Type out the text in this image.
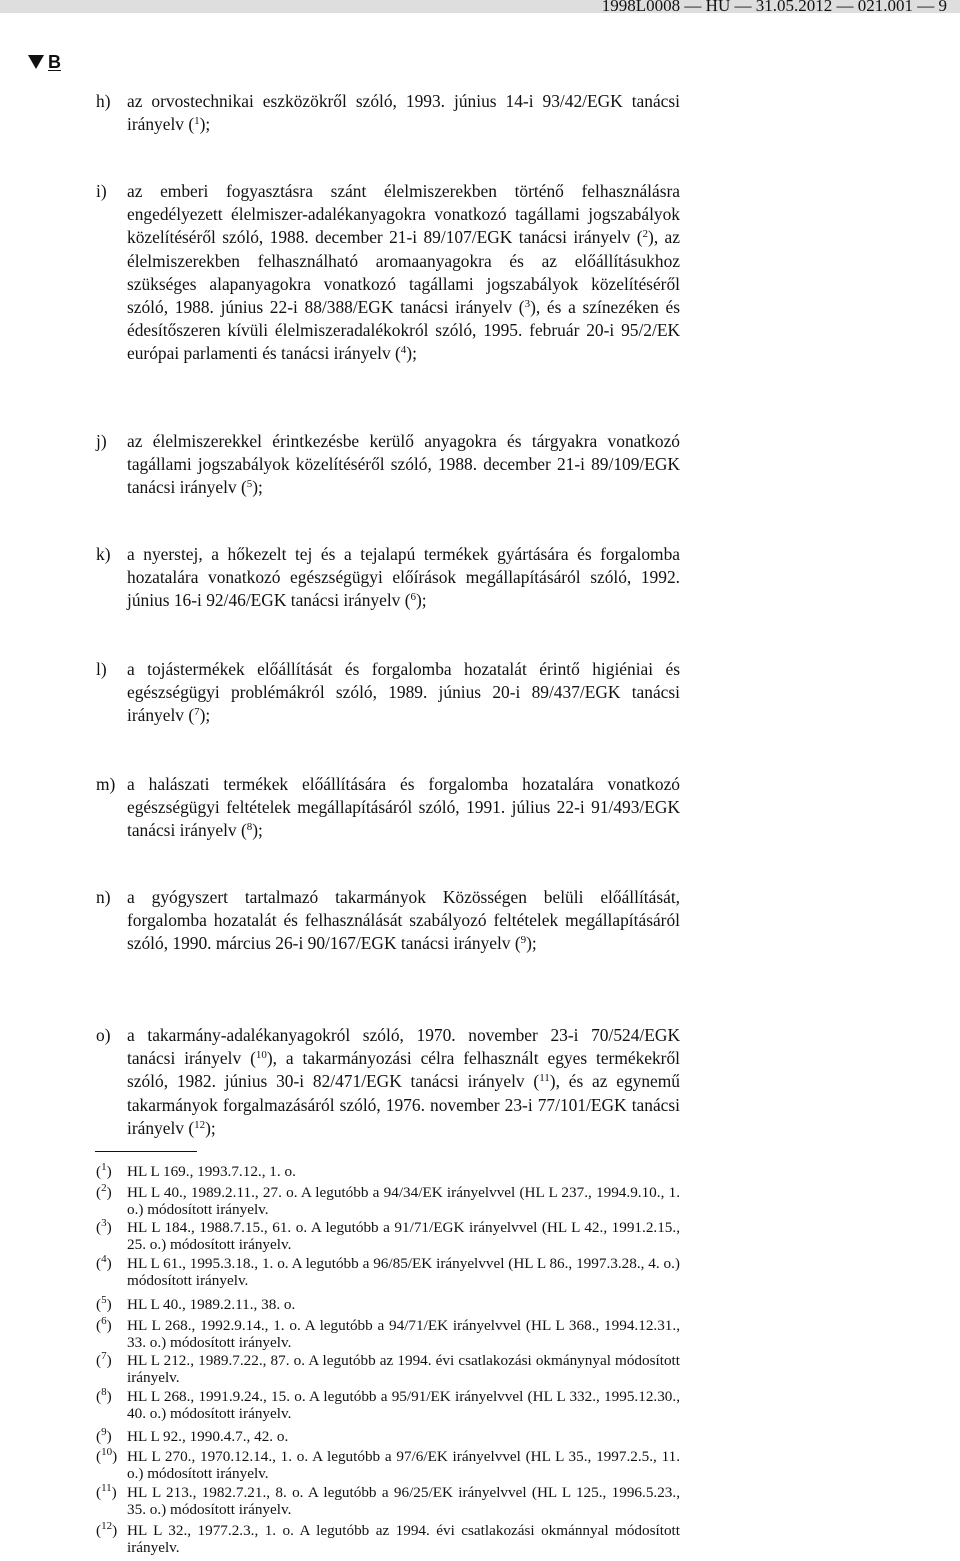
1998L0008 — HU — 31.05.2012 — 021.001 — 9
B
h) az orvostechnikai eszközökről szóló, 1993. június 14-i 93/42/EGK tanácsi irányelv ($^1$);
i) az emberi fogyasztásra szánt élelmiszerekben történő felhasználásra engedélyezett élelmiszer-adalékanyagokra vonatkozó tagállami jogszabályok közelítéséről szóló, 1988. december 21-i 89/107/EGK tanácsi irányelv ($^2$), az élelmiszerekben felhasználható aromaanyagokra és az előállításukhoz szükséges alapanyagokra vonatkozó tagállami jogszabályok közelítéséről szóló, 1988. június 22-i 88/388/EGK tanácsi irányelv ($^3$), és a színezéken és édesítőszeren kívüli élelmiszeradalékokról szóló, 1995. február 20-i 95/2/EK európai parlamenti és tanácsi irányelv ($^4$);
j) az élelmiszerekkel érintkezésbe kerülő anyagokra és tárgyakra vonatkozó tagállami jogszabályok közelítéséről szóló, 1988. december 21-i 89/109/EGK tanácsi irányelv ($^5$);
k) a nyerstej, a hőkezelt tej és a tejalapú termékek gyártására és forgalomba hozatalára vonatkozó egészségügyi előírások megállapításáról szóló, 1992. június 16-i 92/46/EGK tanácsi irányelv ($^6$);
l) a tojástermékek előállítását és forgalomba hozatalát érintő higiéniai és egészségügyi problémákról szóló, 1989. június 20-i 89/437/EGK tanácsi irányelv ($^7$);
m) a halászati termékek előállítására és forgalomba hozatalára vonatkozó egészségügyi feltételek megállapításáról szóló, 1991. július 22-i 91/493/EGK tanácsi irányelv ($^8$);
n) a gyógyszert tartalmazó takarmányok Közösségen belüli előállítását, forgalomba hozatalát és felhasználását szabályozó feltételek megállapításáról szóló, 1990. március 26-i 90/167/EGK tanácsi irányelv ($^9$);
o) a takarmány-adalékanyagokról szóló, 1970. november 23-i 70/524/EGK tanácsi irányelv ($^{10}$), a takarmányozási célra felhasznált egyes termékekről szóló, 1982. június 30-i 82/471/EGK tanácsi irányelv ($^{11}$), és az egynemű takarmányok forgalmazásáról szóló, 1976. november 23-i 77/101/EGK tanácsi irányelv ($^{12}$);
($^1$) HL L 169., 1993.7.12., 1. o.
($^2$) HL L 40., 1989.2.11., 27. o. A legutóbb a 94/34/EK irányelvvel (HL L 237., 1994.9.10., 1. o.) módosított irányelv.
($^3$) HL L 184., 1988.7.15., 61. o. A legutóbb a 91/71/EGK irányelvvel (HL L 42., 1991.2.15., 25. o.) módosított irányelv.
($^4$) HL L 61., 1995.3.18., 1. o. A legutóbb a 96/85/EK irányelvvel (HL L 86., 1997.3.28., 4. o.) módosított irányelv.
($^5$) HL L 40., 1989.2.11., 38. o.
($^6$) HL L 268., 1992.9.14., 1. o. A legutóbb a 94/71/EK irányelvvel (HL L 368., 1994.12.31., 33. o.) módosított irányelv.
($^7$) HL L 212., 1989.7.22., 87. o. A legutóbb az 1994. évi csatlakozási okmánynyal módosított irányelv.
($^8$) HL L 268., 1991.9.24., 15. o. A legutóbb a 95/91/EK irányelvvel (HL L 332., 1995.12.30., 40. o.) módosított irányelv.
($^9$) HL L 92., 1990.4.7., 42. o.
($^{10}$) HL L 270., 1970.12.14., 1. o. A legutóbb a 97/6/EK irányelvvel (HL L 35., 1997.2.5., 11. o.) módosított irányelv.
($^{11}$) HL L 213., 1982.7.21., 8. o. A legutóbb a 96/25/EK irányelvvel (HL L 125., 1996.5.23., 35. o.) módosított irányelv.
($^{12}$) HL L 32., 1977.2.3., 1. o. A legutóbb az 1994. évi csatlakozási okmánnyal módosított irányelv.
